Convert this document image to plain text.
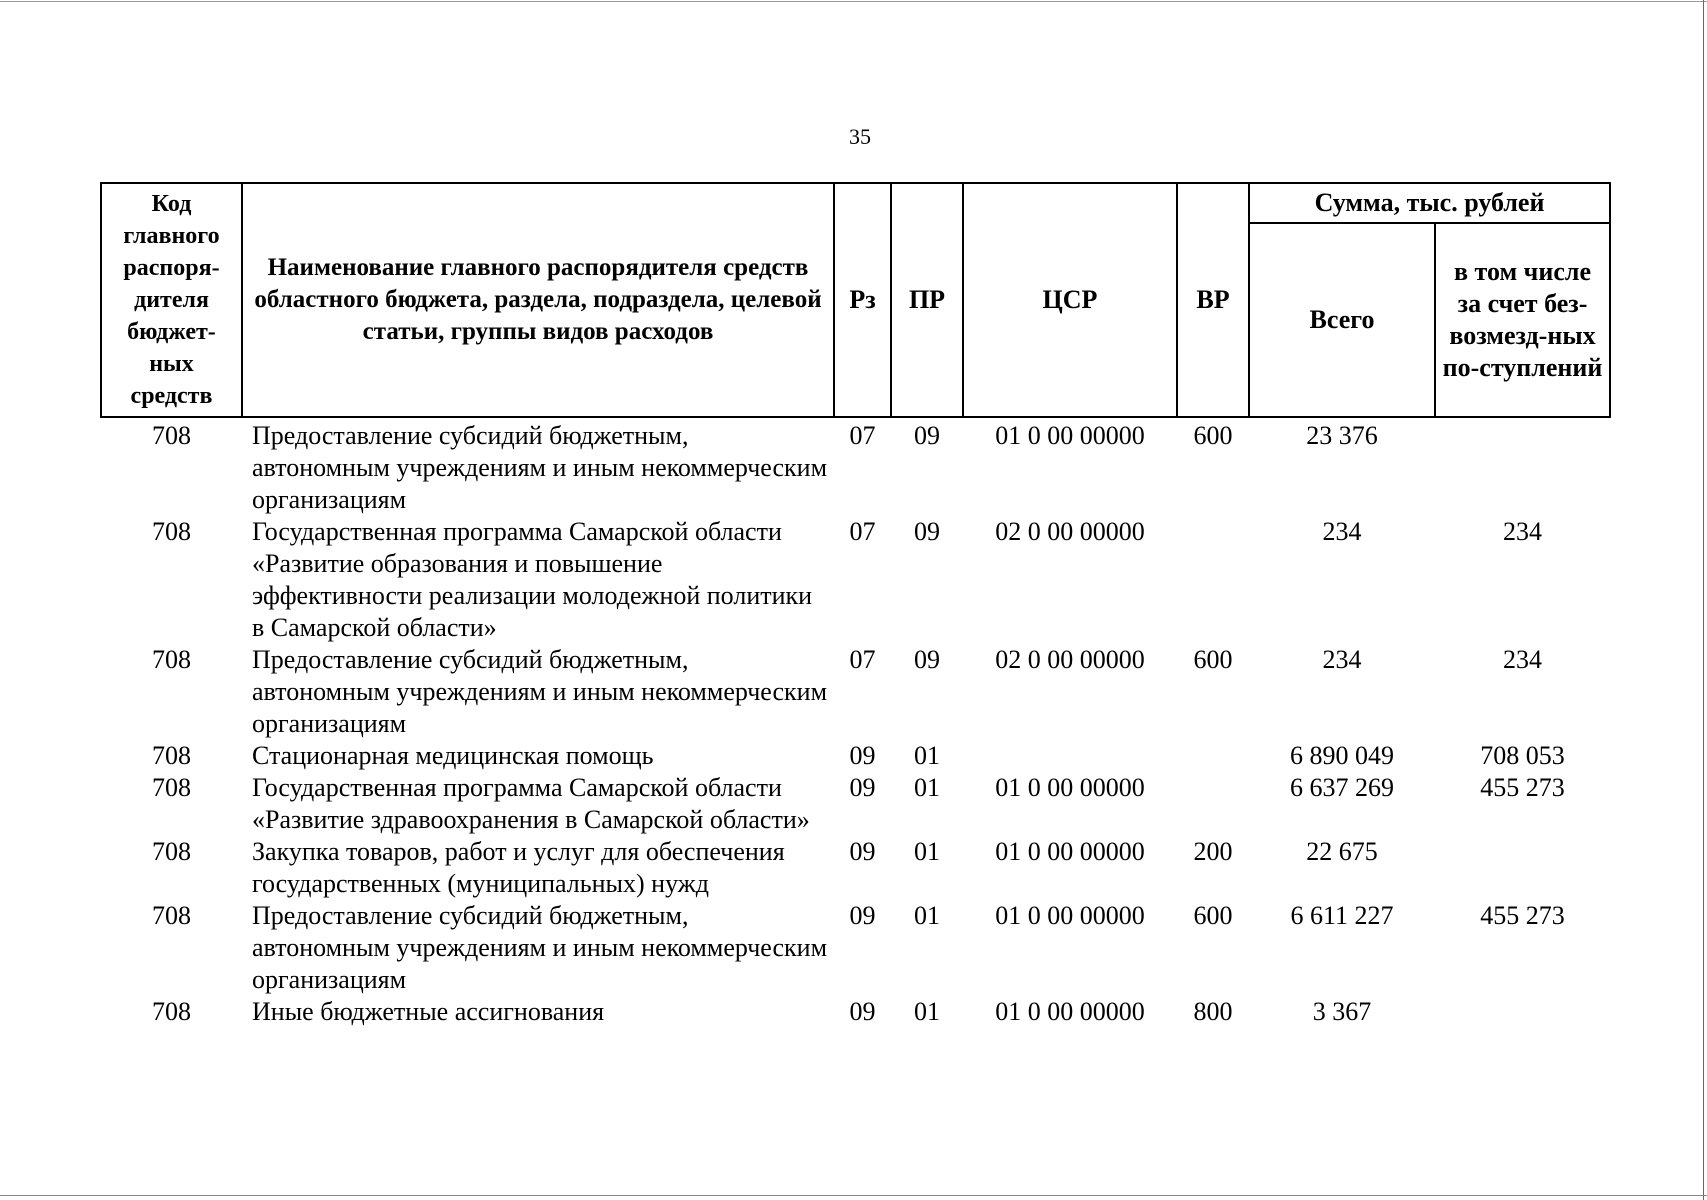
35
Код главного распоря-дителя бюджет-ных средств	Наименование главного распорядителя средств областного бюджета, раздела, подраздела, целевой статьи, группы видов расходов	Рз	ПР	ЦСР	ВР	Сумма, тыс. рублей	
						Всего	в том числе за счет без-возмезд-ных по-ступлений
708	Предоставление субсидий бюджетным, автономным учреждениям и иным некоммерческим организациям	07	09	01 0 00 00000	600	23 376	
708	Государственная программа Самарской области «Развитие образования и повышение эффективности реализации молодежной политики в Самарской области»	07	09	02 0 00 00000		234	234
708	Предоставление субсидий бюджетным, автономным учреждениям и иным некоммерческим организациям	07	09	02 0 00 00000	600	234	234
708	Стационарная медицинская помощь	09	01			6 890 049	708 053
708	Государственная программа Самарской области «Развитие здравоохранения в Самарской области»	09	01	01 0 00 00000		6 637 269	455 273
708	Закупка товаров, работ и услуг для обеспечения государственных (муниципальных) нужд	09	01	01 0 00 00000	200	22 675	
708	Предоставление субсидий бюджетным, автономным учреждениям и иным некоммерческим организациям	09	01	01 0 00 00000	600	6 611 227	455 273
708	Иные бюджетные ассигнования	09	01	01 0 00 00000	800	3 367	
